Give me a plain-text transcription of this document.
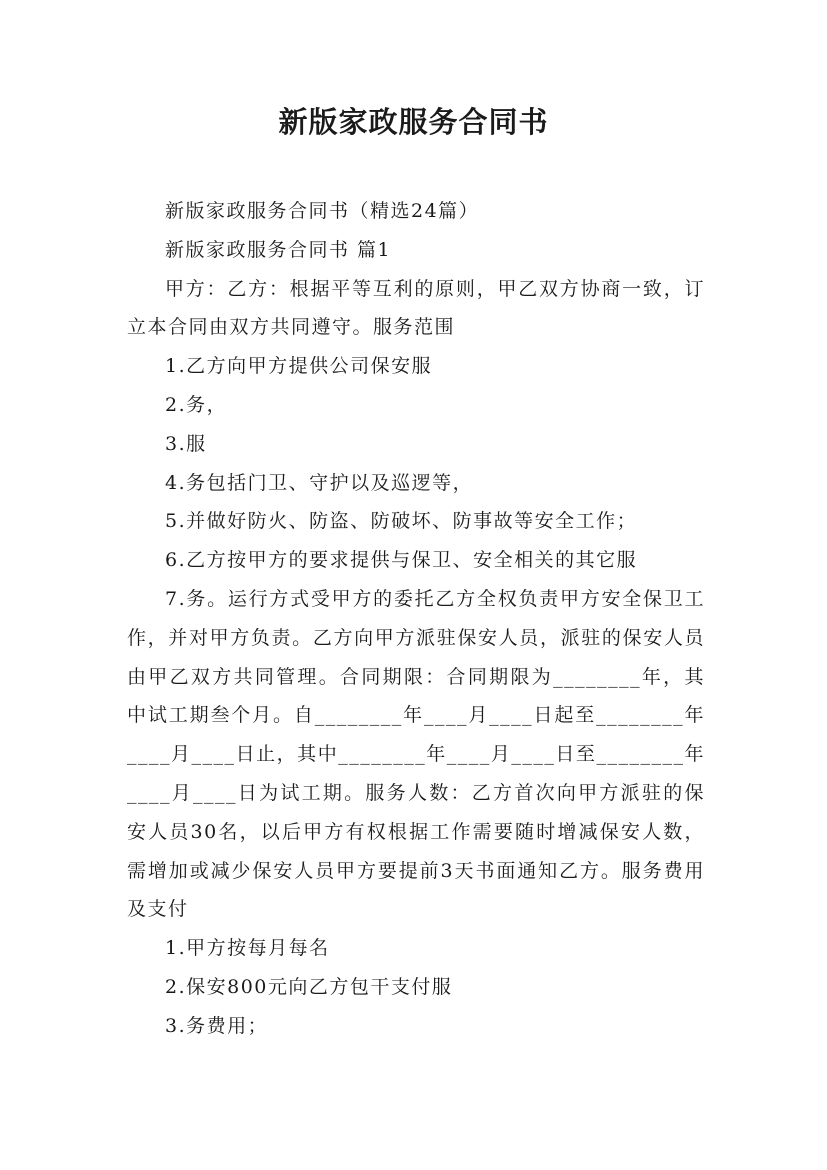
新版家政服务合同书

新版家政服务合同书（精选24篇）

新版家政服务合同书 篇1

甲方：乙方：根据平等互利的原则，甲乙双方协商一致，订立本合同由双方共同遵守。服务范围

1.乙方向甲方提供公司保安服

2.务，

3.服

4.务包括门卫、守护以及巡逻等，

5.并做好防火、防盗、防破坏、防事故等安全工作；

6.乙方按甲方的要求提供与保卫、安全相关的其它服

7.务。运行方式受甲方的委托乙方全权负责甲方安全保卫工作，并对甲方负责。乙方向甲方派驻保安人员，派驻的保安人员由甲乙双方共同管理。合同期限：合同期限为________年，其中试工期叁个月。自________年____月____日起至________年____月____日止，其中________年____月____日至________年____月____日为试工期。服务人数：乙方首次向甲方派驻的保安人员30名，以后甲方有权根据工作需要随时增减保安人数，需增加或减少保安人员甲方要提前3天书面通知乙方。服务费用及支付

1.甲方按每月每名

2.保安800元向乙方包干支付服

3.务费用；
